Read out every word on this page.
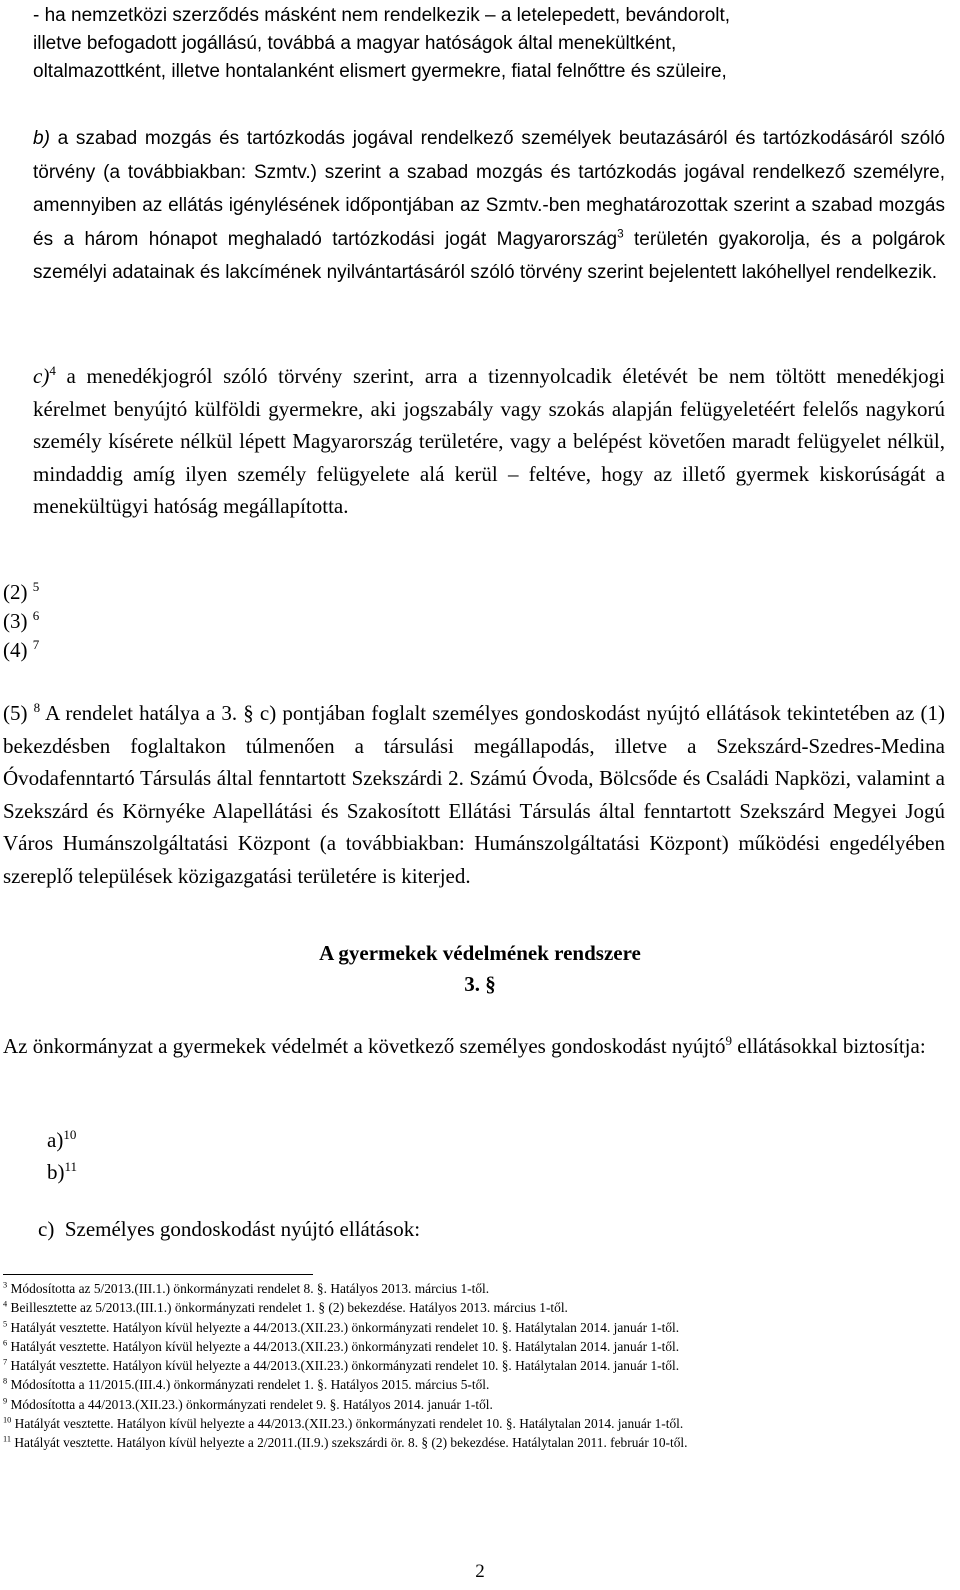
- ha nemzetközi szerződés másként nem rendelkezik – a letelepedett, bevándorolt,

illetve befogadott jogállású, továbbá a magyar hatóságok által menekültként,

oltalmazottként, illetve hontalanként elismert gyermekre, fiatal felnőttre és szüleire,

b) a szabad mozgás és tartózkodás jogával rendelkező személyek beutazásáról és tartózkodásáról szóló törvény (a továbbiakban: Szmtv.) szerint a szabad mozgás és tartózkodás jogával rendelkező személyre, amennyiben az ellátás igénylésének időpontjában az Szmtv.-ben meghatározottak szerint a szabad mozgás és a három hónapot meghaladó tartózkodási jogát Magyarország$^3$ területén gyakorolja, és a polgárok személyi adatainak és lakcímének nyilvántartásáról szóló törvény szerint bejelentett lakóhellyel rendelkezik.

c)$^4$ a menedékjogról szóló törvény szerint, arra a tizennyolcadik életévét be nem töltött menedékjogi kérelmet benyújtó külföldi gyermekre, aki jogszabály vagy szokás alapján felügyeletéért felelős nagykorú személy kísérete nélkül lépett Magyarország területére, vagy a belépést követően maradt felügyelet nélkül, mindaddig amíg ilyen személy felügyelete alá kerül – feltéve, hogy az illető gyermek kiskorúságát a menekültügyi hatóság megállapította.

(2) $^5$
(3) $^6$
(4) $^7$

(5) $^8$ A rendelet hatálya a 3. § c) pontjában foglalt személyes gondoskodást nyújtó ellátások tekintetében az (1) bekezdésben foglaltakon túlmenően a társulási megállapodás, illetve a Szekszárd-Szedres-Medina Óvodafenntartó Társulás által fenntartott Szekszárdi 2. Számú Óvoda, Bölcsőde és Családi Napközi, valamint a Szekszárd és Környéke Alapellátási és Szakosított Ellátási Társulás által fenntartott Szekszárd Megyei Jogú Város Humánszolgáltatási Központ (a továbbiakban: Humánszolgáltatási Központ) működési engedélyében szereplő települések közigazgatási területére is kiterjed.

A gyermekek védelmének rendszere
3. §

Az önkormányzat a gyermekek védelmét a következő személyes gondoskodást nyújtó$^9$ ellátásokkal biztosítja:

a)$^{10}$
b)$^{11}$
c) Személyes gondoskodást nyújtó ellátások:
$^3$ Módosította az 5/2013.(III.1.) önkormányzati rendelet 8. §. Hatályos 2013. március 1-től.
$^4$ Beillesztette az 5/2013.(III.1.) önkormányzati rendelet 1. § (2) bekezdése. Hatályos 2013. március 1-től.
$^5$ Hatályát vesztette. Hatályon kívül helyezte a 44/2013.(XII.23.) önkormányzati rendelet 10. §. Hatálytalan 2014. január 1-től.
$^6$ Hatályát vesztette. Hatályon kívül helyezte a 44/2013.(XII.23.) önkormányzati rendelet 10. §. Hatálytalan 2014. január 1-től.
$^7$ Hatályát vesztette. Hatályon kívül helyezte a 44/2013.(XII.23.) önkormányzati rendelet 10. §. Hatálytalan 2014. január 1-től.
$^8$ Módosította a 11/2015.(III.4.) önkormányzati rendelet 1. §. Hatályos 2015. március 5-től.
$^9$ Módosította a 44/2013.(XII.23.) önkormányzati rendelet 9. §. Hatályos 2014. január 1-től.
$^{10}$ Hatályát vesztette. Hatályon kívül helyezte a 44/2013.(XII.23.) önkormányzati rendelet 10. §. Hatálytalan 2014. január 1-től.
$^{11}$ Hatályát vesztette. Hatályon kívül helyezte a 2/2011.(II.9.) szekszárdi ör. 8. § (2) bekezdése. Hatálytalan 2011. február 10-től.
2
